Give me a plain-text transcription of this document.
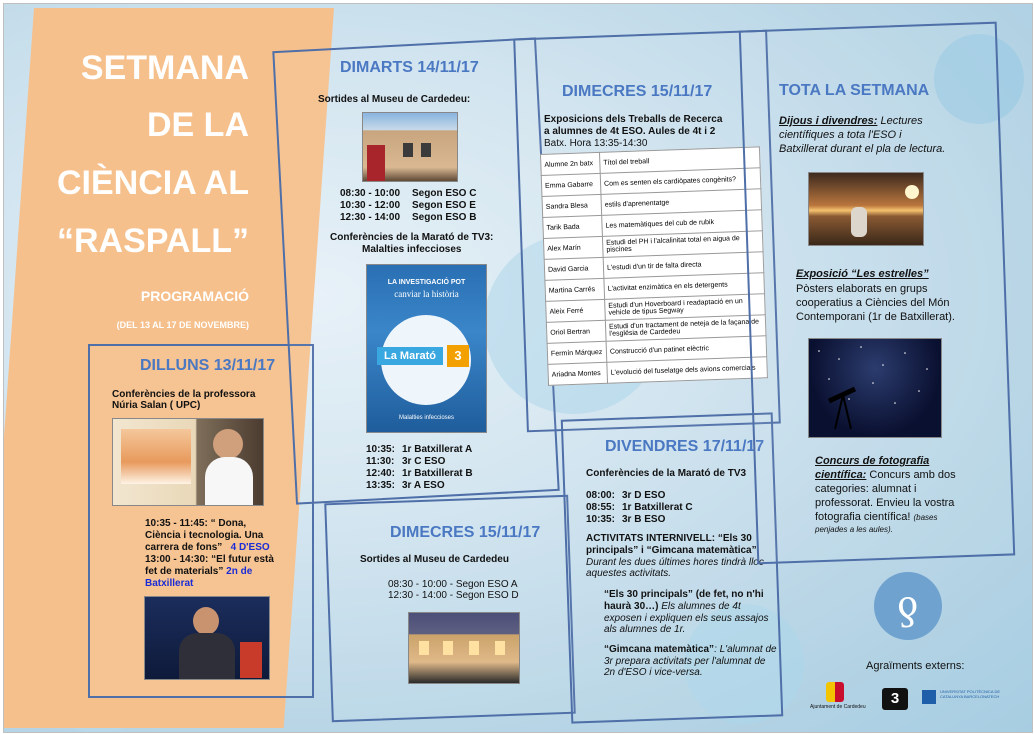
SETMANA
DE LA
CIÈNCIA AL
“RASPALL”
PROGRAMACIÓ
(DEL 13 AL 17 DE NOVEMBRE)
DILLUNS 13/11/17
Conferències de la professora
Núria Salan ( UPC)
10:35 - 11:45: “ Dona,
Ciència i tecnologia. Una
carrera de fons” 4 D'ESO
13:00 - 14:30: “El futur està
fet de materials” 2n de
Batxillerat
DIMARTS 14/11/17
Sortides al Museu de Cardedeu:
08:30 - 10:00 Segon ESO C
10:30 - 12:00 Segon ESO E
12:30 - 14:00 Segon ESO B
Conferències de la Marató de TV3:
Malalties infeccioses
LA INVESTIGACIÓ POT
canviar la història
La Marató	3
Malalties infeccioses
10:35: 1r Batxillerat A
11:30: 3r C ESO
12:40: 1r Batxillerat B
13:35: 3r A ESO
DIMECRES 15/11/17
Sortides al Museu de Cardedeu
08:30 - 10:00 - Segon ESO A
12:30 - 14:00 - Segon ESO D
DIMECRES 15/11/17
Exposicions dels Treballs de Recerca
a alumnes de 4t ESO. Aules de 4t i 2
Batx. Hora 13:35-14:30
Alumne 2n batx	Títol del treball
Emma Gabarre	Com es senten els cardiòpates congènits?
Sandra Blesa	estils d'aprenentatge
Tarik Bada	Les matemàtiques del cub de rubik
Alex Marín	Estudi del PH i l'alcalinitat total en aigua de piscines
David Garcia	L'estudi d'un tir de falta directa
Martina Carrés	L'activitat enzimàtica en els detergents
Aleix Ferré	Estudi d'un Hoverboard i readaptació en un vehicle de tipus Segway
Oriol Bertran	Estudi d'un tractament de neteja de la façana de l'església de Cardedeu
Fermín Márquez	Construcció d'un patinet elèctric
Ariadna Montes	L'evolució del fuselatge dels avions comercials
DIVENDRES 17/11/17
Conferències de la Marató de TV3
08:00: 3r D ESO
08:55: 1r Batxillerat C
10:35: 3r B ESO
ACTIVITATS INTERNIVELL: “Els 30
principals” i “Gimcana matemàtica”
Durant les dues últimes hores tindrà lloc
aquestes activitats.
“Els 30 principals” (de fet, no n'hi
haurà 30…) Els alumnes de 4t
exposen i expliquen els seus assajos
als alumnes de 1r.
“Gimcana matemàtica”: L'alumnat de
3r prepara activitats per l'alumnat de
2n d'ESO i vice-versa.
TOTA LA SETMANA
Dijous i divendres: Lectures
científiques a tota l'ESO i
Batxillerat durant el pla de lectura.
Exposició “Les estrelles”
Pòsters elaborats en grups
cooperatius a Ciències del Món
Contemporani (1r de Batxillerat).
Concurs de fotografia
científica: Concurs amb dos
categories: alumnat i
professorat. Envieu la vostra
fotografia científica! (bases
penjades a les aules).
ƍ
Agraïments externs:
Ajuntament de Cardedeu	3	UNIVERSITAT POLITÈCNICA DE CATALUNYA BARCELONATECH
